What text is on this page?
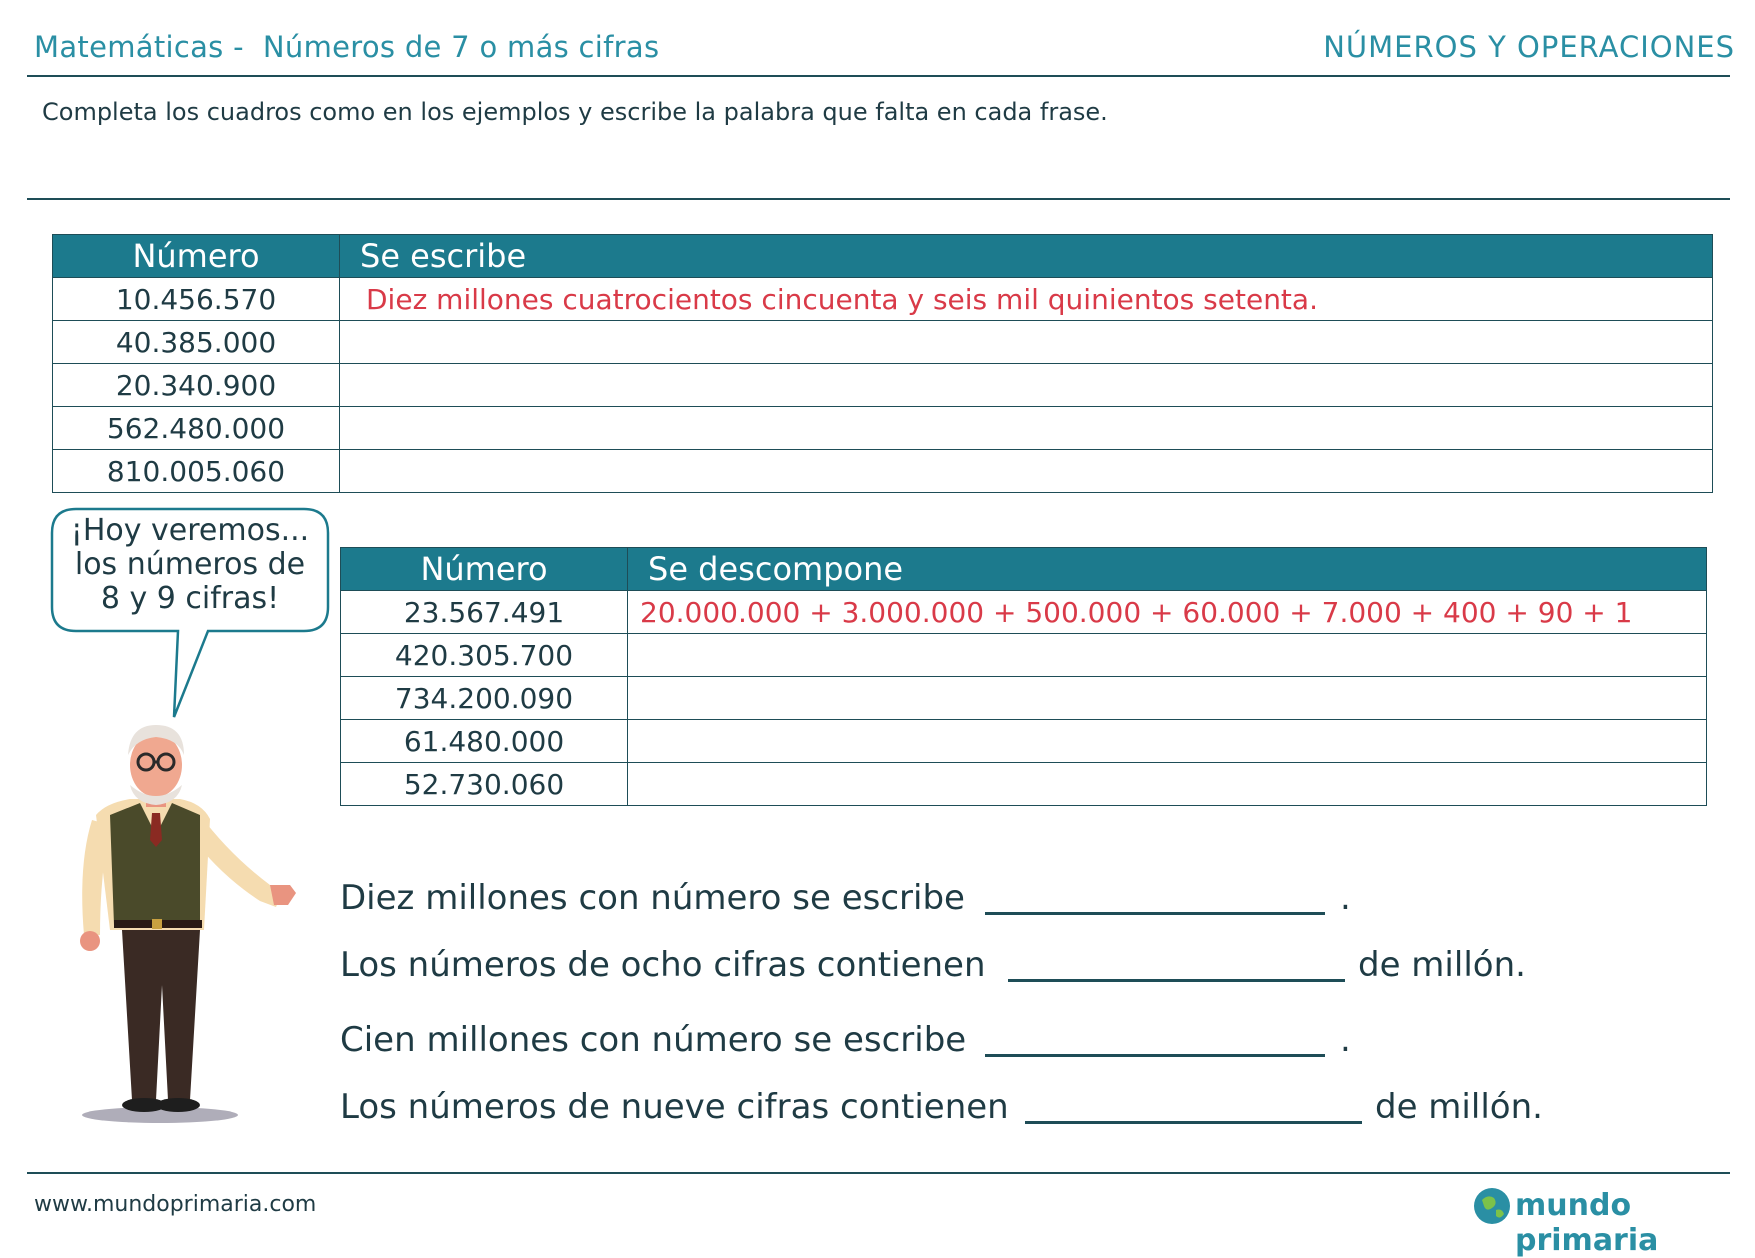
Matemáticas -  Números de 7 o más cifras	NÚMEROS Y OPERACIONES
Completa los cuadros como en los ejemplos y escribe la palabra que falta en cada frase.
Número	Se escribe
10.456.570	Diez millones cuatrocientos cincuenta y seis mil quinientos setenta.
40.385.000	
20.340.900	
562.480.000	
810.005.060	
¡Hoy veremos...
los números de
8 y 9 cifras!
Número	Se descompone
23.567.491	20.000.000 + 3.000.000 + 500.000 + 60.000 + 7.000 + 400 + 90 + 1
420.305.700	
734.200.090	
61.480.000	
52.730.060	
Diez millones con número se escribe	.
Los números de ocho cifras contienen	de millón.
Cien millones con número se escribe	.
Los números de nueve cifras contienen	de millón.
www.mundoprimaria.com	mundo primaria
